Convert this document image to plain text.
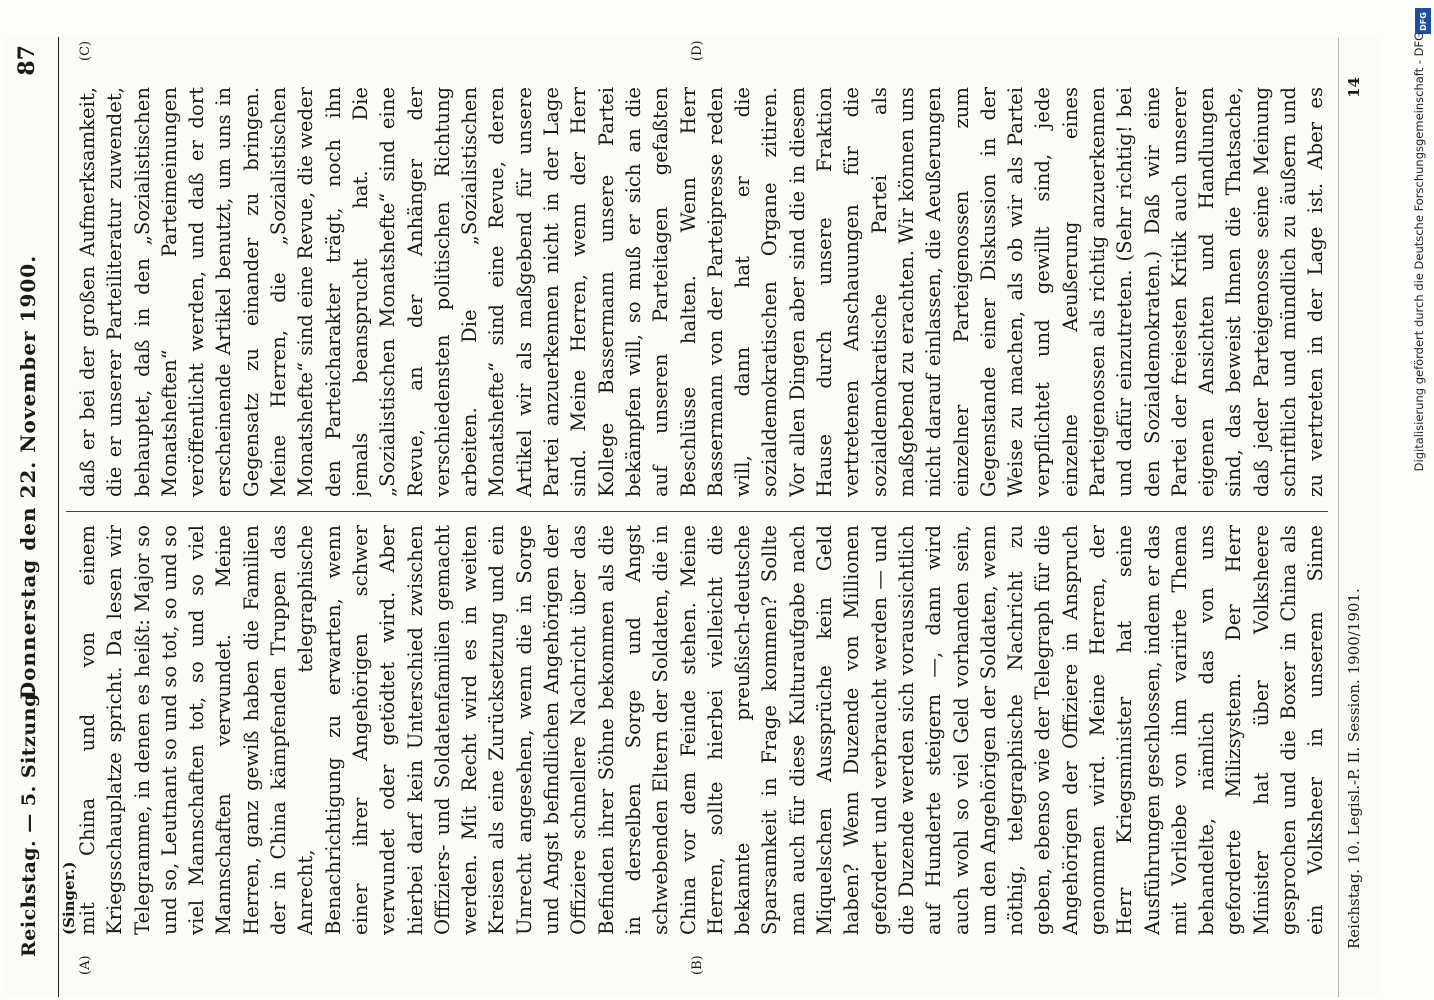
Reichstag. — 5. Sitzung.
Donnerstag den 22. November 1900.
87
(A)	(B)
(C)	(D)
(Singer.)

mit China und von einem Kriegsschauplatze spricht. Da lesen wir Telegramme, in denen es heißt: Major so und so, Leutnant so und so tot, so und so viel Mannschaften tot, so und so viel Mannschaften verwundet. Meine Herren, ganz gewiß haben die Familien der in China kämpfenden Truppen das Anrecht, telegraphische Benachrichtigung zu erwarten, wenn einer ihrer Angehörigen schwer verwundet oder getödtet wird. Aber hierbei darf kein Unterschied zwischen Offiziers- und Soldatenfamilien gemacht werden. Mit Recht wird es in weiten Kreisen als eine Zurücksetzung und ein Unrecht angesehen, wenn die in Sorge und Angst befindlichen Angehörigen der Offiziere schnellere Nachricht über das Befinden ihrer Söhne bekommen als die in derselben Sorge und Angst schwebenden Eltern der Soldaten, die in China vor dem Feinde stehen. Meine Herren, sollte hierbei vielleicht die bekannte preußisch-deutsche Sparsamkeit in Frage kommen? Sollte man auch für diese Kulturaufgabe nach Miquelschen Aussprüche kein Geld haben? Wenn Duzende von Millionen gefordert und verbraucht werden — und die Duzende werden sich voraussichtlich auf Hunderte steigern —, dann wird auch wohl so viel Geld vorhanden sein, um den Angehörigen der Soldaten, wenn nöthig, telegraphische Nachricht zu geben, ebenso wie der Telegraph für die Angehörigen der Offiziere in Anspruch genommen wird. Meine Herren, der Herr Kriegsminister hat seine Ausführungen geschlossen, indem er das mit Vorliebe von ihm variirte Thema behandelte, nämlich das von uns geforderte Milizsystem. Der Herr Minister hat über Volksheere gesprochen und die Boxer in China als ein Volksheer in unserem Sinne

daß er bei der großen Aufmerksamkeit, die er unserer Parteiliteratur zuwendet, behauptet, daß in den „Sozialistischen Monatsheften“ Parteimeinungen veröffentlicht werden, und daß er dort erscheinende Artikel benutzt, um uns in Gegensatz zu einander zu bringen. Meine Herren, die „Sozialistischen Monatshefte“ sind eine Revue, die weder den Parteicharakter trägt, noch ihn jemals beansprucht hat. Die „Sozialistischen Monatshefte“ sind eine Revue, an der Anhänger der verschiedensten politischen Richtung arbeiten. Die „Sozialistischen Monatshefte“ sind eine Revue, deren Artikel wir als maßgebend für unsere Partei anzuerkennen nicht in der Lage sind. Meine Herren, wenn der Herr Kollege Bassermann unsere Partei bekämpfen will, so muß er sich an die auf unseren Parteitagen gefaßten Beschlüsse halten. Wenn Herr Bassermann von der Parteipresse reden will, dann hat er die sozialdemokratischen Organe zitiren. Vor allen Dingen aber sind die in diesem Hause durch unsere Fraktion vertretenen Anschauungen für die sozialdemokratische Partei als maßgebend zu erachten. Wir können uns nicht darauf einlassen, die Aeußerungen einzelner Parteigenossen zum Gegenstande einer Diskussion in der Weise zu machen, als ob wir als Partei verpflichtet und gewillt sind, jede einzelne Aeußerung eines Parteigenossen als richtig anzuerkennen und dafür einzutreten. (Sehr richtig! bei den Sozialdemokraten.) Daß wir eine Partei der freiesten Kritik auch unserer eigenen Ansichten und Handlungen sind, das beweist Ihnen die Thatsache, daß jeder Parteigenosse seine Meinung schriftlich und mündlich zu äußern und zu vertreten in der Lage ist. Aber es

Reichstag. 10. Legisl.-P. II. Session. 1900/1901.
14
DFG
Digitalisierung gefördert durch die Deutsche Forschungsgemeinschaft - DFG
